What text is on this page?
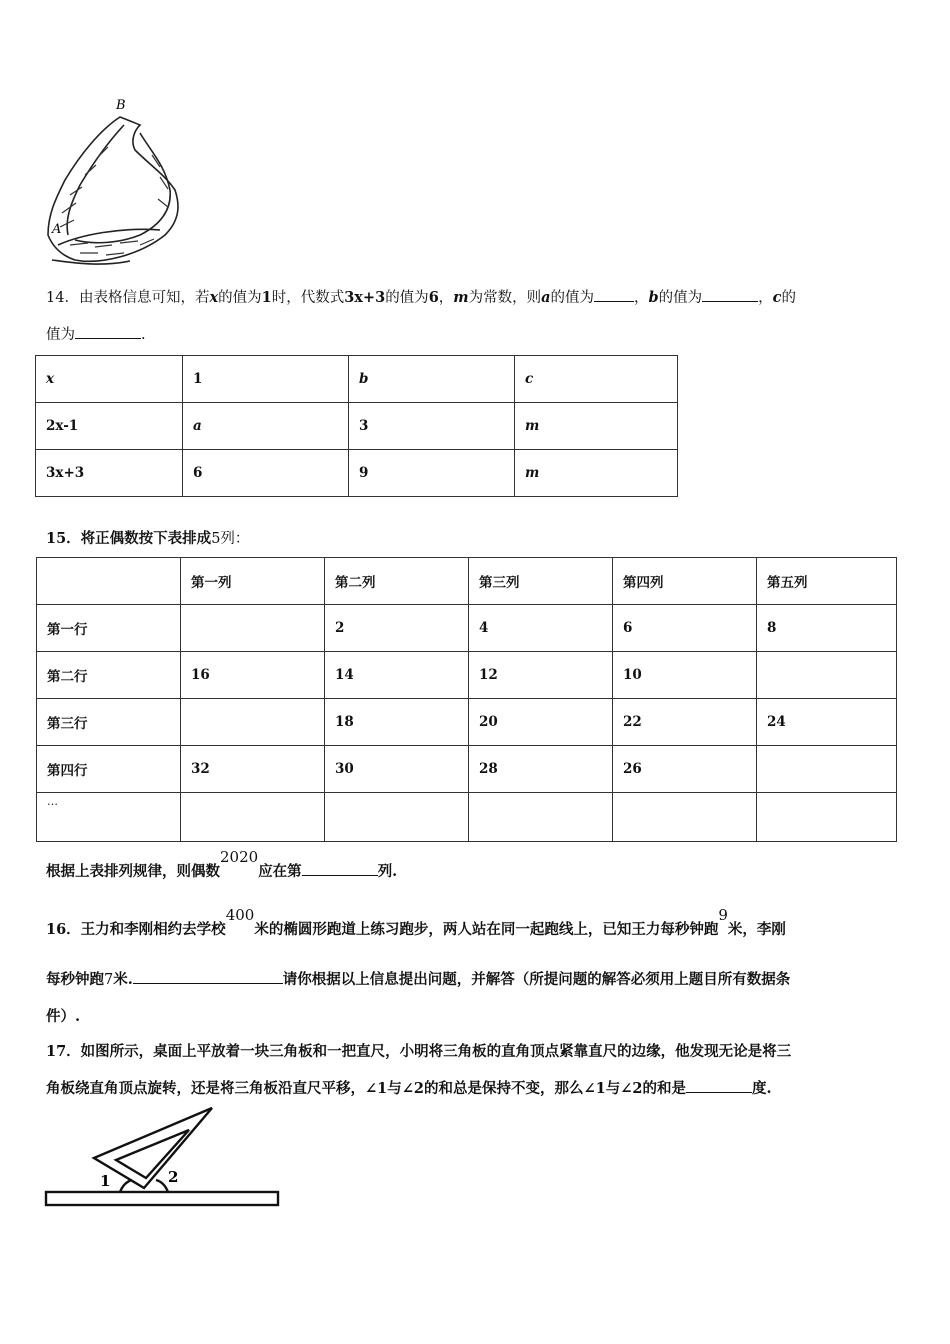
B
A
14．由表格信息可知，若x的值为1时，代数式3x+3的值为6，m为常数，则a的值为	，b的值为	，c的
值为	.
x	1	b	c
2x-1	a	3	m
3x+3	6	9	m
15．将正偶数按下表排成5列：
	第一列	第二列	第三列	第四列	第五列
第一行		2	4	6	8
第二行	16	14	12	10	
第三行		18	20	22	24
第四行	32	30	28	26	
…					
根据上表排列规律，则偶数2020应在第	列.
16．王力和李刚相约去学校400米的椭圆形跑道上练习跑步，两人站在同一起跑线上，已知王力每秒钟跑9米，李刚
每秒钟跑7米.	请你根据以上信息提出问题，并解答（所提问题的解答必须用上题目所有数据条
件）.
17．如图所示，桌面上平放着一块三角板和一把直尺，小明将三角板的直角顶点紧靠直尺的边缘，他发现无论是将三
角板绕直角顶点旋转，还是将三角板沿直尺平移，∠1与∠2的和总是保持不变，那么∠1与∠2的和是	度.
1	2
